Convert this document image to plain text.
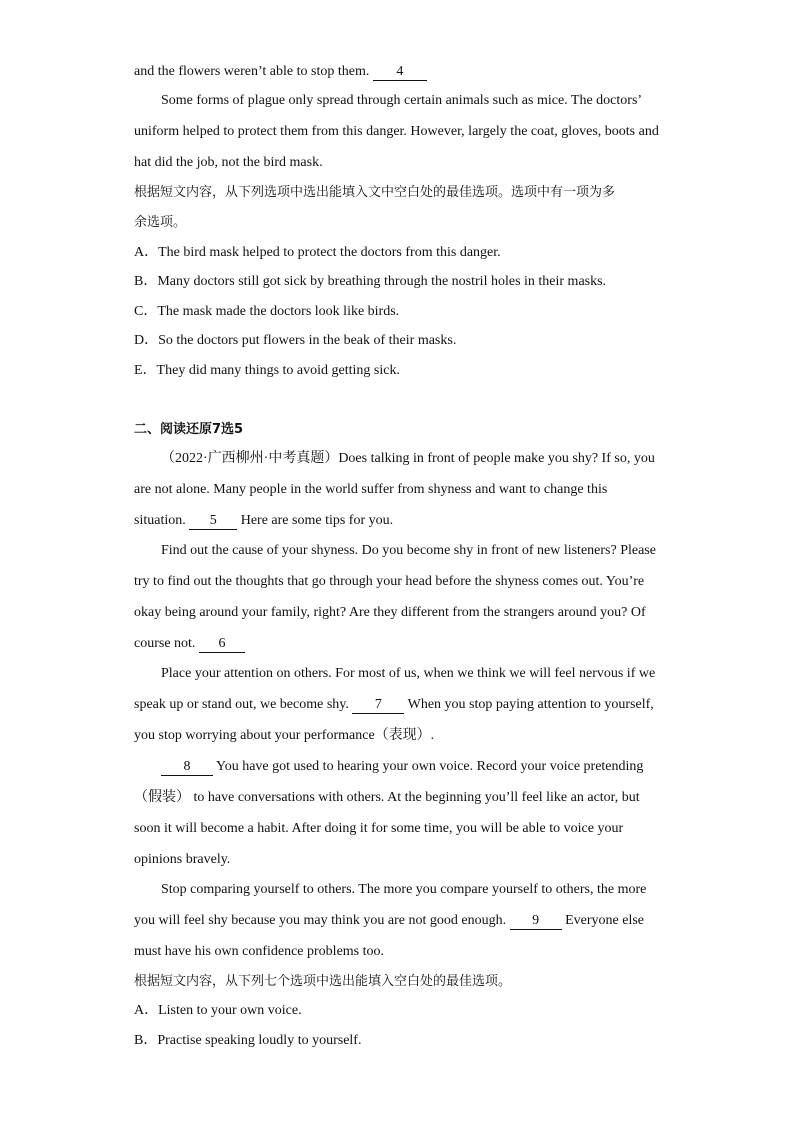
and the flowers weren’t able to stop them. 4
Some forms of plague only spread through certain animals such as mice. The doctors’
uniform helped to protect them from this danger. However, largely the coat, gloves, boots and
hat did the job, not the bird mask.
根据短文内容，从下列选项中选出能填入文中空白处的最佳选项。选项中有一项为多
余选项。
A．The bird mask helped to protect the doctors from this danger.
B．Many doctors still got sick by breathing through the nostril holes in their masks.
C．The mask made the doctors look like birds.
D．So the doctors put flowers in the beak of their masks.
E．They did many things to avoid getting sick.
二、阅读还原7选5
（2022·广西柳州·中考真题）Does talking in front of people make you shy? If so, you
are not alone. Many people in the world suffer from shyness and want to change this
situation. 5 Here are some tips for you.
Find out the cause of your shyness. Do you become shy in front of new listeners? Please
try to find out the thoughts that go through your head before the shyness comes out. You’re
okay being around your family, right? Are they different from the strangers around you? Of
course not. 6
Place your attention on others. For most of us, when we think we will feel nervous if we
speak up or stand out, we become shy. 7 When you stop paying attention to yourself,
you stop worrying about your performance（表现）.
8 You have got used to hearing your own voice. Record your voice pretending
（假装） to have conversations with others. At the beginning you’ll feel like an actor, but
soon it will become a habit. After doing it for some time, you will be able to voice your
opinions bravely.
Stop comparing yourself to others. The more you compare yourself to others, the more
you will feel shy because you may think you are not good enough. 9 Everyone else
must have his own confidence problems too.
根据短文内容，从下列七个选项中选出能填入空白处的最佳选项。
A．Listen to your own voice.
B．Practise speaking loudly to yourself.
